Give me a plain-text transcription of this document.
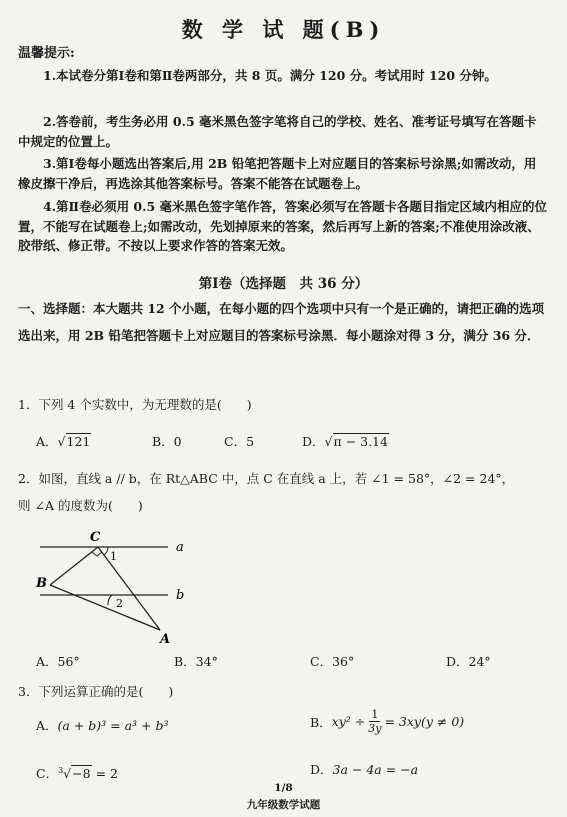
数 学 试 题(B)
温馨提示:
1.本试卷分第Ⅰ卷和第Ⅱ卷两部分，共 8 页。满分 120 分。考试用时 120 分钟。
2.答卷前，考生务必用 0.5 毫米黑色签字笔将自己的学校、姓名、准考证号填写在答题卡中规定的位置上。
3.第Ⅰ卷每小题选出答案后,用 2B 铅笔把答题卡上对应题目的答案标号涂黑;如需改动，用橡皮擦干净后，再选涂其他答案标号。答案不能答在试题卷上。
4.第Ⅱ卷必须用 0.5 毫米黑色签字笔作答，答案必须写在答题卡各题目指定区域内相应的位置，不能写在试题卷上;如需改动，先划掉原来的答案，然后再写上新的答案;不准使用涂改液、胶带纸、修正带。不按以上要求作答的答案无效。
第Ⅰ卷（选择题　共 36 分）
一、选择题：本大题共 12 个小题，在每小题的四个选项中只有一个是正确的，请把正确的选项选出来，用 2B 铅笔把答题卡上对应题目的答案标号涂黑．每小题涂对得 3 分，满分 36 分．
1．下列 4 个实数中，为无理数的是(　　)
A．√121	B．0	C．5	D．√π − 3.14
2．如图，直线 a // b，在 Rt△ABC 中，点 C 在直线 a 上，若 ∠1 = 58°，∠2 = 24°，
则 ∠A 的度数为(　　)
C
1
a
B
b
2
A
A．56°	B．34°	C．36°	D．24°
3．下列运算正确的是(　　)
A．(a + b)³ = a³ + b³	B． $xy^2 \div \frac{1}{3y} = 3xy(y \ne 0)$
C．$^3$√−8 = 2	D．3a − 4a = −a
1/8
九年级数学试题
